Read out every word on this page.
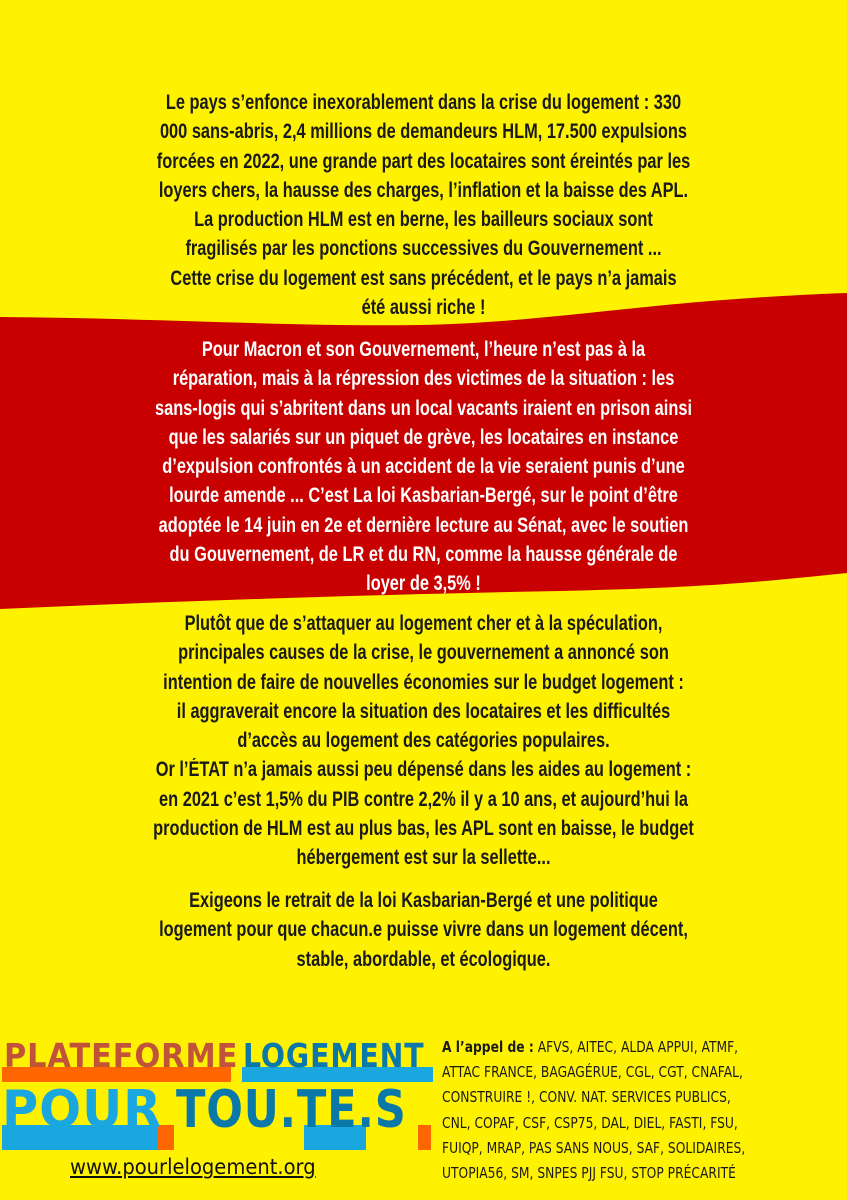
Le pays s’enfonce inexorablement dans la crise du logement : 330
000 sans-abris, 2,4 millions de demandeurs HLM, 17.500 expulsions
forcées en 2022, une grande part des locataires sont éreintés par les
loyers chers, la hausse des charges, l’inflation et la baisse des APL.
La production HLM est en berne, les bailleurs sociaux sont
fragilisés par les ponctions successives du Gouvernement ...
Cette crise du logement est sans précédent, et le pays n’a jamais
été aussi riche !
Pour Macron et son Gouvernement, l’heure n’est pas à la
réparation, mais à la répression des victimes de la situation : les
sans-logis qui s’abritent dans un local vacants iraient en prison ainsi
que les salariés sur un piquet de grève, les locataires en instance
d’expulsion confrontés à un accident de la vie seraient punis d’une
lourde amende ... C’est La loi Kasbarian-Bergé, sur le point d’être
adoptée le 14 juin en 2e et dernière lecture au Sénat, avec le soutien
du Gouvernement, de LR et du RN, comme la hausse générale de
loyer de 3,5% !
Plutôt que de s’attaquer au logement cher et à la spéculation,
principales causes de la crise, le gouvernement a annoncé son
intention de faire de nouvelles économies sur le budget logement :
il aggraverait encore la situation des locataires et les difficultés
d’accès au logement des catégories populaires.
Or l’ÉTAT n’a jamais aussi peu dépensé dans les aides au logement :
en 2021 c’est 1,5% du PIB contre 2,2% il y a 10 ans, et aujourd’hui la
production de HLM est au plus bas, les APL sont en baisse, le budget
hébergement est sur la sellette...
Exigeons le retrait de la loi Kasbarian-Bergé et une politique
logement pour que chacun.e puisse vivre dans un logement décent,
stable, abordable, et écologique.
PLATEFORME LOGEMENT
POUR TOU.TE.S
www.pourlelogement.org
A l’appel de : AFVS, AITEC, ALDA APPUI, ATMF,
ATTAC FRANCE, BAGAGÉRUE, CGL, CGT, CNAFAL,
CONSTRUIRE !, CONV. NAT. SERVICES PUBLICS,
CNL, COPAF, CSF, CSP75, DAL, DIEL, FASTI, FSU,
FUIQP, MRAP, PAS SANS NOUS, SAF, SOLIDAIRES,
UTOPIA56, SM, SNPES PJJ FSU, STOP PRÉCARITÉ
